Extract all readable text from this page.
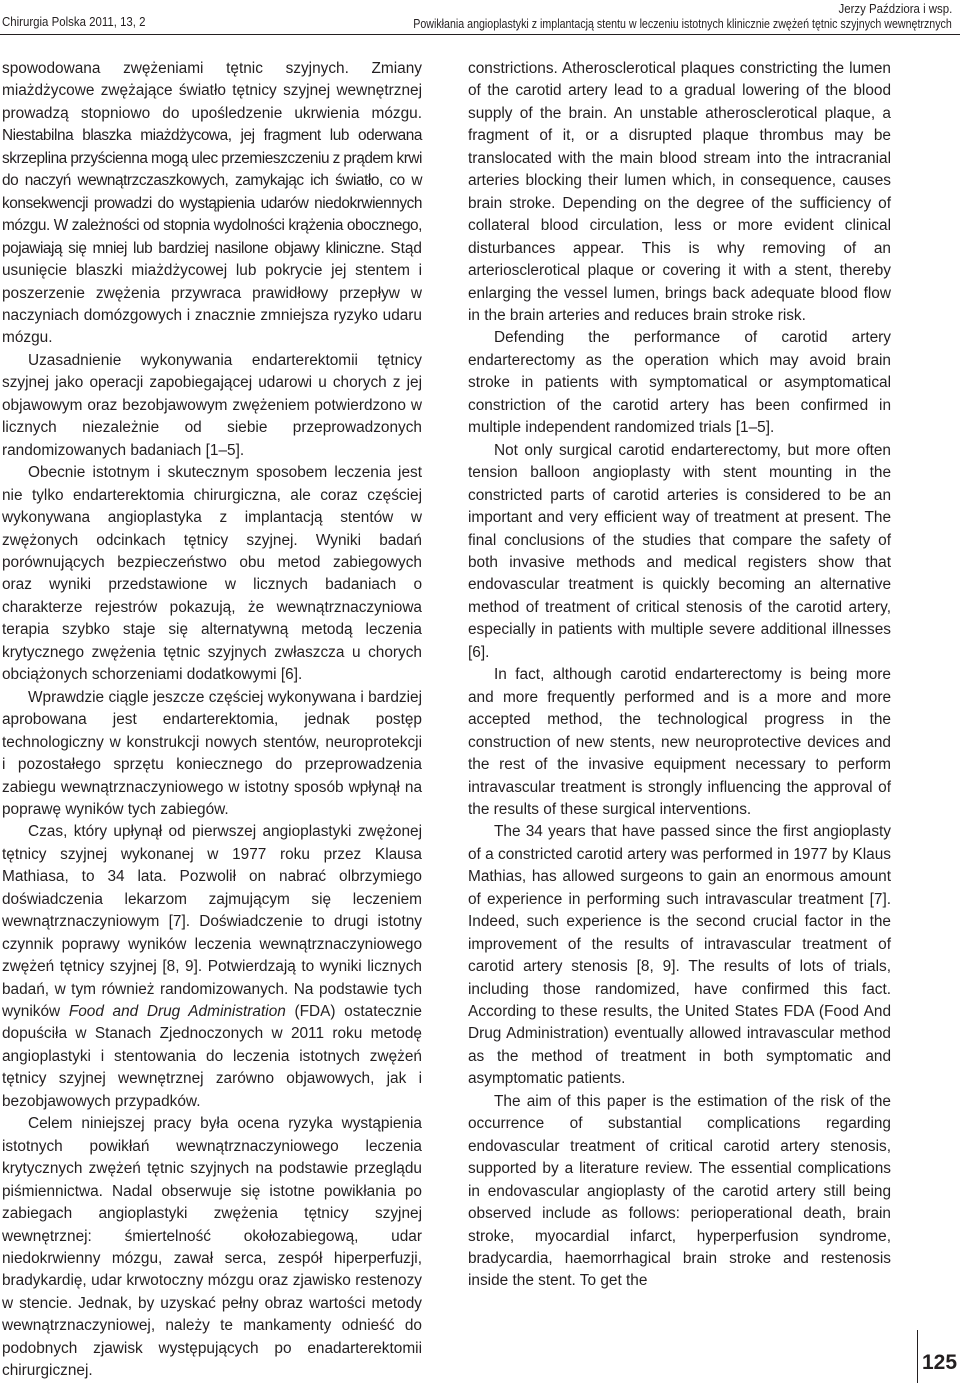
Chirurgia Polska 2011, 13, 2
Jerzy Paździora i wsp.
Powikłania angioplastyki z implantacją stentu w leczeniu istotnych klinicznie zwężeń tętnic szyjnych wewnętrznych

spowodowana zwężeniami tętnic szyjnych. Zmiany miażdżycowe zwężające światło tętnicy szyjnej wewnętrznej prowadzą stopniowo do upośledzenie ukrwienia mózgu. Niestabilna blaszka miażdżycowa, jej fragment lub oderwana skrzeplina przyścienna mogą ulec przemieszczeniu z prądem krwi do naczyń wewnątrzczaszkowych, zamykając ich światło, co w konsekwencji prowadzi do wystąpienia udarów niedokrwiennych mózgu. W zależności od stopnia wydolności krążenia obocznego, pojawiają się mniej lub bardziej nasilone objawy kliniczne. Stąd usunięcie blaszki miażdżycowej lub pokrycie jej stentem i poszerzenie zwężenia przywraca prawidłowy przepływ w naczyniach domózgowych i znacznie zmniejsza ryzyko udaru mózgu.

Uzasadnienie wykonywania endarterektomii tętnicy szyjnej jako operacji zapobiegającej udarowi u chorych z jej objawowym oraz bezobjawowym zwężeniem potwierdzono w licznych niezależnie od siebie przeprowadzonych randomizowanych badaniach [1–5].

Obecnie istotnym i skutecznym sposobem leczenia jest nie tylko endarterektomia chirurgiczna, ale coraz częściej wykonywana angioplastyka z implantacją stentów w zwężonych odcinkach tętnicy szyjnej. Wyniki badań porównujących bezpieczeństwo obu metod zabiegowych oraz wyniki przedstawione w licznych badaniach o charakterze rejestrów pokazują, że wewnątrznaczyniowa terapia szybko staje się alternatywną metodą leczenia krytycznego zwężenia tętnic szyjnych zwłaszcza u chorych obciążonych schorzeniami dodatkowymi [6].

Wprawdzie ciągle jeszcze częściej wykonywana i bardziej aprobowana jest endarterektomia, jednak postęp technologiczny w konstrukcji nowych stentów, neuroprotekcji i pozostałego sprzętu koniecznego do przeprowadzenia zabiegu wewnątrznaczyniowego w istotny sposób wpłynął na poprawę wyników tych zabiegów.

Czas, który upłynął od pierwszej angioplastyki zwężonej tętnicy szyjnej wykonanej w 1977 roku przez Klausa Mathiasa, to 34 lata. Pozwolił on nabrać olbrzymiego doświadczenia lekarzom zajmującym się leczeniem wewnątrznaczyniowym [7]. Doświadczenie to drugi istotny czynnik poprawy wyników leczenia wewnątrznaczyniowego zwężeń tętnicy szyjnej [8, 9]. Potwierdzają to wyniki licznych badań, w tym również randomizowanych. Na podstawie tych wyników Food and Drug Administration (FDA) ostatecznie dopuściła w Stanach Zjednoczonych w 2011 roku metodę angioplastyki i stentowania do leczenia istotnych zwężeń tętnicy szyjnej wewnętrznej zarówno objawowych, jak i bezobjawowych przypadków.

Celem niniejszej pracy była ocena ryzyka wystąpienia istotnych powikłań wewnątrznaczyniowego leczenia krytycznych zwężeń tętnic szyjnych na podstawie przeglądu piśmiennictwa. Nadal obserwuje się istotne powikłania po zabiegach angioplastyki zwężenia tętnicy szyjnej wewnętrznej: śmiertelność okołozabiegową, udar niedokrwienny mózgu, zawał serca, zespół hiperperfuzji, bradykardię, udar krwotoczny mózgu oraz zjawisko restenozy w stencie. Jednak, by uzyskać pełny obraz wartości metody wewnątrznaczyniowej, należy te mankamenty odnieść do podobnych zjawisk występujących po enadarterektomii chirurgicznej.

constrictions. Atherosclerotical plaques constricting the lumen of the carotid artery lead to a gradual lowering of the blood supply of the brain. An unstable atherosclerotical plaque, a fragment of it, or a disrupted plaque thrombus may be translocated with the main blood stream into the intracranial arteries blocking their lumen which, in consequence, causes brain stroke. Depending on the degree of the sufficiency of collateral blood circulation, less or more evident clinical disturbances appear. This is why removing of an arteriosclerotical plaque or covering it with a stent, thereby enlarging the vessel lumen, brings back adequate blood flow in the brain arteries and reduces brain stroke risk.

Defending the performance of carotid artery endarterectomy as the operation which may avoid brain stroke in patients with symptomatical or asymptomatical constriction of the carotid artery has been confirmed in multiple independent randomized trials [1–5].

Not only surgical carotid endarterectomy, but more often tension balloon angioplasty with stent mounting in the constricted parts of carotid arteries is considered to be an important and very efficient way of treatment at present. The final conclusions of the studies that compare the safety of both invasive methods and medical registers show that endovascular treatment is quickly becoming an alternative method of treatment of critical stenosis of the carotid artery, especially in patients with multiple severe additional illnesses [6].

In fact, although carotid endarterectomy is being more and more frequently performed and is a more and more accepted method, the technological progress in the construction of new stents, new neuroprotective devices and the rest of the invasive equipment necessary to perform intravascular treatment is strongly influencing the approval of the results of these surgical interventions.

The 34 years that have passed since the first angioplasty of a constricted carotid artery was performed in 1977 by Klaus Mathias, has allowed surgeons to gain an enormous amount of experience in performing such intravascular treatment [7]. Indeed, such experience is the second crucial factor in the improvement of the results of intravascular treatment of carotid artery stenosis [8, 9]. The results of lots of trials, including those randomized, have confirmed this fact. According to these results, the United States FDA (Food And Drug Administration) eventually allowed intravascular method as the method of treatment in both symptomatic and asymptomatic patients.

The aim of this paper is the estimation of the risk of the occurrence of substantial complications regarding endovascular treatment of critical carotid artery stenosis, supported by a literature review. The essential complications in endovascular angioplasty of the carotid artery still being observed include as follows: perioperational death, brain stroke, myocardial infarct, hyperperfusion syndrome, bradycardia, haemorrhagical brain stroke and restenosis inside the stent. To get the

125
